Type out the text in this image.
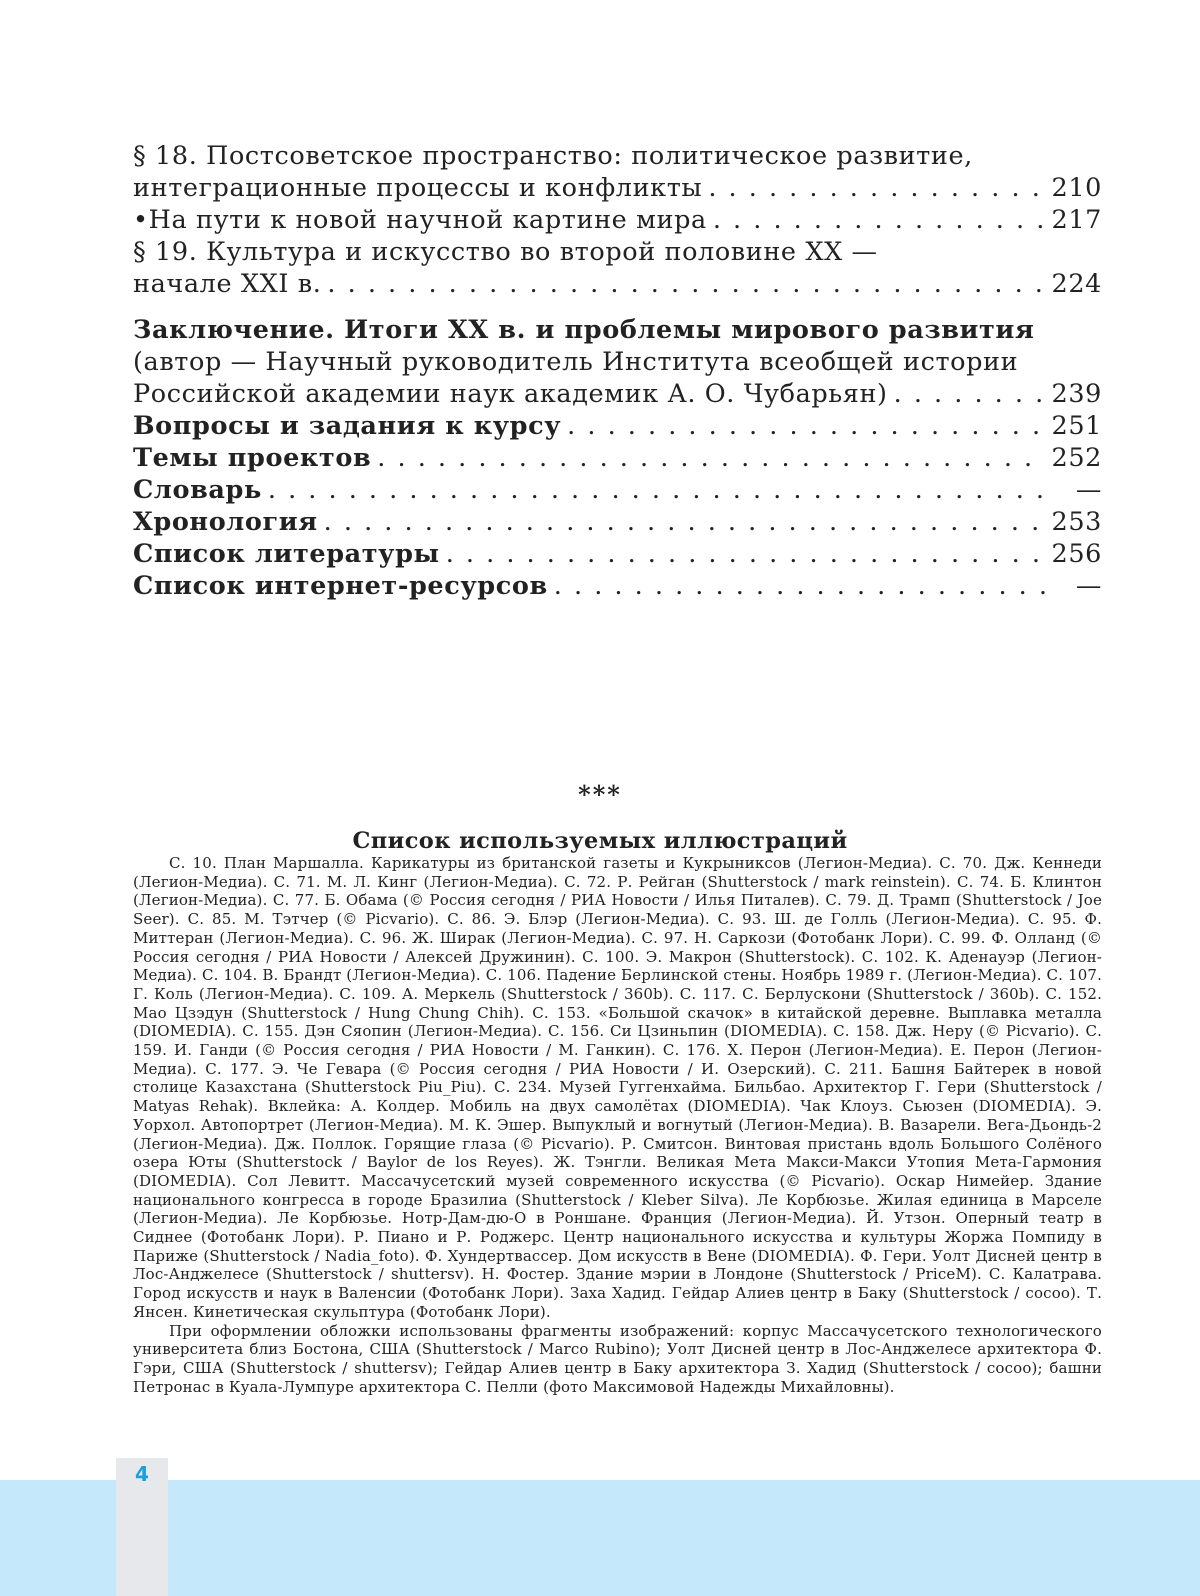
§ 18. Постсоветское пространство: политическое развитие,
интеграционные процессы и конфликты . . .	210
•На пути к новой научной картине мира . . .	217
§ 19. Культура и искусство во второй половине XX —
начале XXI в. . . .	224
Заключение. Итоги XX в. и проблемы мирового развития
(автор — Научный руководитель Института всеобщей истории
Российской академии наук академик А. О. Чубарьян) . . .	239
Вопросы и задания к курсу . . .	251
Темы проектов . . .	252
Словарь . . .	—
Хронология . . .	253
Список литературы . . .	256
Список интернет-ресурсов . . .	—
***
Список используемых иллюстраций

С. 10. План Маршалла. Карикатуры из британской газеты и Кукрыниксов (Легион-Медиа). С. 70. Дж. Кеннеди (Легион-Медиа). С. 71. М. Л. Кинг (Легион-Медиа). С. 72. Р. Рейган (Shutterstock / mark reinstein). С. 74. Б. Клинтон (Легион-Медиа). С. 77. Б. Обама (© Россия сегодня / РИА Новости / Илья Питалев). С. 79. Д. Трамп (Shutterstock / Joe Seer). С. 85. М. Тэтчер (© Picvario). С. 86. Э. Блэр (Легион-Медиа). С. 93. Ш. де Голль (Легион-Медиа). С. 95. Ф. Миттеран (Легион-Медиа). С. 96. Ж. Ширак (Легион-Медиа). С. 97. Н. Саркози (Фотобанк Лори). С. 99. Ф. Олланд (© Россия сегодня / РИА Новости / Алексей Дружинин). С. 100. Э. Макрон (Shutterstock). С. 102. К. Аденауэр (Легион-Медиа). С. 104. В. Брандт (Легион-Медиа). С. 106. Падение Берлинской стены. Ноябрь 1989 г. (Легион-Медиа). С. 107. Г. Коль (Легион-Медиа). С. 109. А. Меркель (Shutterstock / 360b). С. 117. С. Берлускони (Shutterstock / 360b). С. 152. Мао Цзэдун (Shutterstock / Hung Chung Chih). С. 153. «Большой скачок» в китайской деревне. Выплавка металла (DIOMEDIA). С. 155. Дэн Сяопин (Легион-Медиа). С. 156. Си Цзиньпин (DIOMEDIA). С. 158. Дж. Неру (© Picvario). С. 159. И. Ганди (© Россия сегодня / РИА Новости / М. Ганкин). С. 176. Х. Перон (Легион-Медиа). Е. Перон (Легион-Медиа). С. 177. Э. Че Гевара (© Россия сегодня / РИА Новости / И. Озерский). С. 211. Башня Байтерек в новой столице Казахстана (Shutterstock Piu_Piu). С. 234. Музей Гуггенхайма. Бильбао. Архитектор Г. Гери (Shutterstock / Matyas Rehak). Вклейка: А. Колдер. Мобиль на двух самолётах (DIOMEDIA). Чак Клоуз. Сьюзен (DIOMEDIA). Э. Уорхол. Автопортрет (Легион-Медиа). М. К. Эшер. Выпуклый и вогнутый (Легион-Медиа). В. Вазарели. Вега-Дьондь-2 (Легион-Медиа). Дж. Поллок. Горящие глаза (© Picvario). Р. Смитсон. Винтовая пристань вдоль Большого Солёного озера Юты (Shutterstock / Baylor de los Reyes). Ж. Тэнгли. Великая Мета Макси-Макси Утопия Мета-Гармония (DIOMEDIA). Сол Левитт. Массачусетский музей современного искусства (© Picvario). Оскар Нимейер. Здание национального конгресса в городе Бразилиа (Shutterstock / Kleber Silva). Ле Корбюзье. Жилая единица в Марселе (Легион-Медиа). Ле Корбюзье. Нотр-Дам-дю-О в Роншане. Франция (Легион-Медиа). Й. Утзон. Оперный театр в Сиднее (Фотобанк Лори). Р. Пиано и Р. Роджерс. Центр национального искусства и культуры Жоржа Помпиду в Париже (Shutterstock / Nadia_foto). Ф. Хундертвассер. Дом искусств в Вене (DIOMEDIA). Ф. Гери. Уолт Дисней центр в Лос-Анджелесе (Shutterstock / shuttersv). Н. Фостер. Здание мэрии в Лондоне (Shutterstock / PriceM). С. Калатрава. Город искусств и наук в Валенсии (Фотобанк Лори). Заха Хадид. Гейдар Алиев центр в Баку (Shutterstock / cocoo). Т. Янсен. Кинетическая скульптура (Фотобанк Лори).

При оформлении обложки использованы фрагменты изображений: корпус Массачусетского технологического университета близ Бостона, США (Shutterstock / Marco Rubino); Уолт Дисней центр в Лос-Анджелесе архитектора Ф. Гэри, США (Shutterstock / shuttersv); Гейдар Алиев центр в Баку архитектора З. Хадид (Shutterstock / cocoo); башни Петронас в Куала-Лумпуре архитектора С. Пелли (фото Максимовой Надежды Михайловны).

4
